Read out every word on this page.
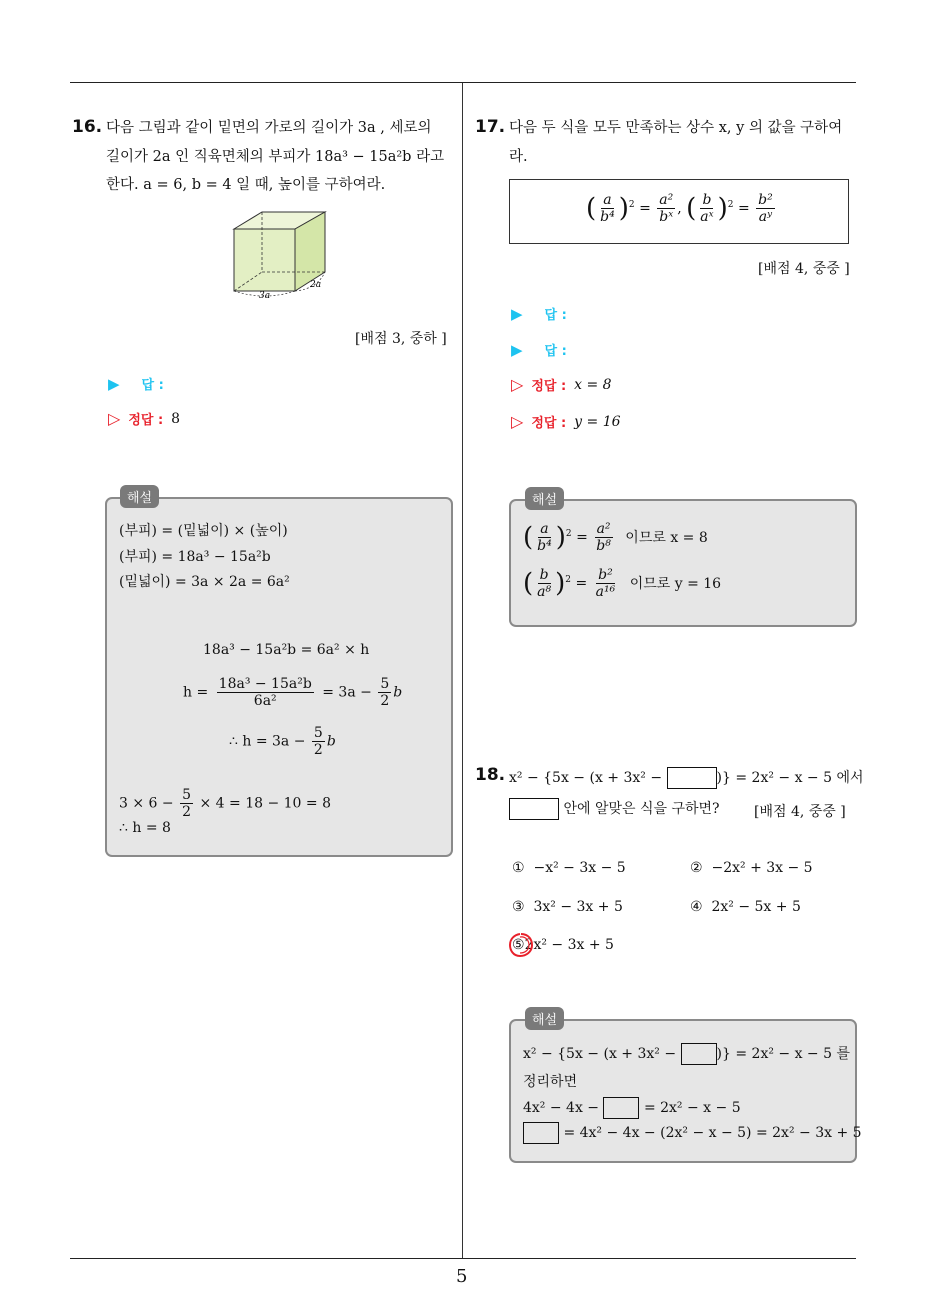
16. 다음 그림과 같이 밑면의 가로의 길이가 3a , 세로의
길이가 2a 인 직육면체의 부피가 18a³ − 15a²b 라고
한다. a = 6, b = 4 일 때, 높이를 구하여라.
3a
2a
[배점 3, 중하 ]
▶ 답 :
▷ 정답 : 8
(부피) = (밑넓이) × (높이)
(부피) = 18a³ − 15a²b
(밑넓이) = 3a × 2a = 6a²
18a³ − 15a²b = 6a² × h
$h = \frac{\text{18a³ − 15a²b}}{\text{6a²}} = 3a - \frac{5}{2}$ b
∴ $h = 3a - \frac{5}{2}$ b
$3 \times 6 - \frac{5}{2} \times 4 = 18 - 10 = 8$
∴ h = 8
해설
17. 다음 두 식을 모두 만족하는 상수 x, y 의 값을 구하여
라.
( $\frac{a}{\text{b⁴}} )^2 = \frac{\text{a²}}{\text{bˣ}}$ , ( $\frac{b}{\text{aˣ}} )^2 = \frac{\text{b²}}{\text{aʸ}}$
[배점 4, 중중 ]
▶ 답 :
▶ 답 :
▷ 정답 : x = 8
▷ 정답 : y = 16
( $\frac{a}{\text{b⁴}} )^2 = \frac{\text{a²}}{\text{b⁸}}$ 이므로 x = 8
( $\frac{b}{\text{a⁸}} )^2 = \frac{\text{b²}}{\text{a¹⁶}}$ 이므로 y = 16
해설
18. x² − {5x − (x + 3x² −	)} = 2x² − x − 5 에서
안에 알맞은 식을 구하면? [배점 4, 중중 ]
① −x² − 3x − 5	② −2x² + 3x − 5
③ 3x² − 3x + 5	④ 2x² − 5x + 5
⑤2x² − 3x + 5
x² − {5x − (x + 3x² −	)} = 2x² − x − 5 를
정리하면
4x² − 4x −	= 2x² − x − 5
= 4x² − 4x − (2x² − x − 5) = 2x² − 3x + 5
해설
5
